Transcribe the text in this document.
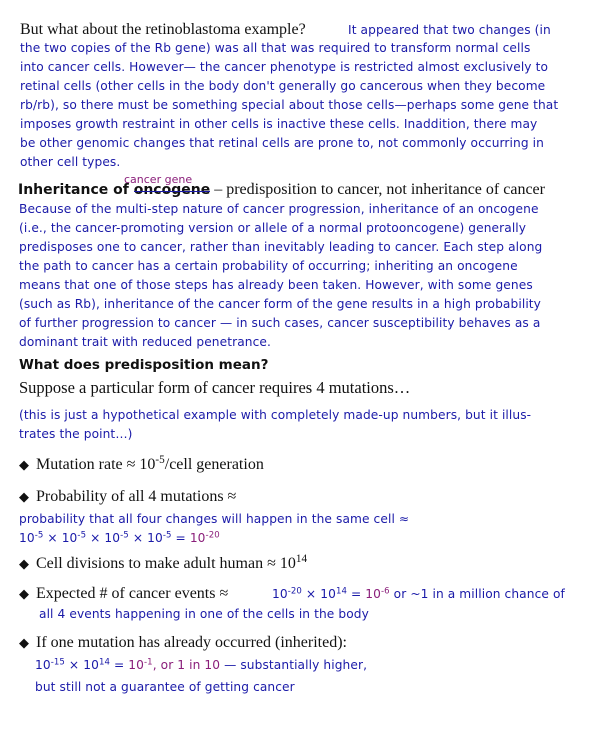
But what about the retinoblastoma example?	It appeared that two changes (in
the two copies of the Rb gene) was all that was required to transform normal cells
into cancer cells. However— the cancer phenotype is restricted almost exclusively to
retinal cells (other cells in the body don't generally go cancerous when they become
rb/rb), so there must be something special about those cells—perhaps some gene that
imposes growth restraint in other cells is inactive these cells. Inaddition, there may
be other genomic changes that retinal cells are prone to, not commonly occurring in
other cell types.
cancer gene
Inheritance of oncogene – predisposition to cancer, not inheritance of cancer
Because of the multi-step nature of cancer progression, inheritance of an oncogene
(i.e., the cancer-promoting version or allele of a normal protooncogene) generally
predisposes one to cancer, rather than inevitably leading to cancer. Each step along
the path to cancer has a certain probability of occurring; inheriting an oncogene
means that one of those steps has already been taken. However, with some genes
(such as Rb), inheritance of the cancer form of the gene results in a high probability
of further progression to cancer — in such cases, cancer susceptibility behaves as a
dominant trait with reduced penetrance.
What does predisposition mean?
Suppose a particular form of cancer requires 4 mutations…
(this is just a hypothetical example with completely made-up numbers, but it illus-
trates the point…)
◆ Mutation rate ≈ $10^{-5}$/cell generation
◆ Probability of all 4 mutations ≈
probability that all four changes will happen in the same cell ≈
$10^{-5} \times 10^{-5} \times 10^{-5} \times 10^{-5} = 10^{-20}$
◆ Cell divisions to make adult human ≈ $10^{14}$
◆ Expected # of cancer events ≈	$10^{-20} \times 10^{14} = 10^{-6}$ or ~1 in a million chance of
all 4 events happening in one of the cells in the body
◆ If one mutation has already occurred (inherited):
$10^{-15} \times 10^{14} = 10^{-1}$, or 1 in 10 — substantially higher,
but still not a guarantee of getting cancer
